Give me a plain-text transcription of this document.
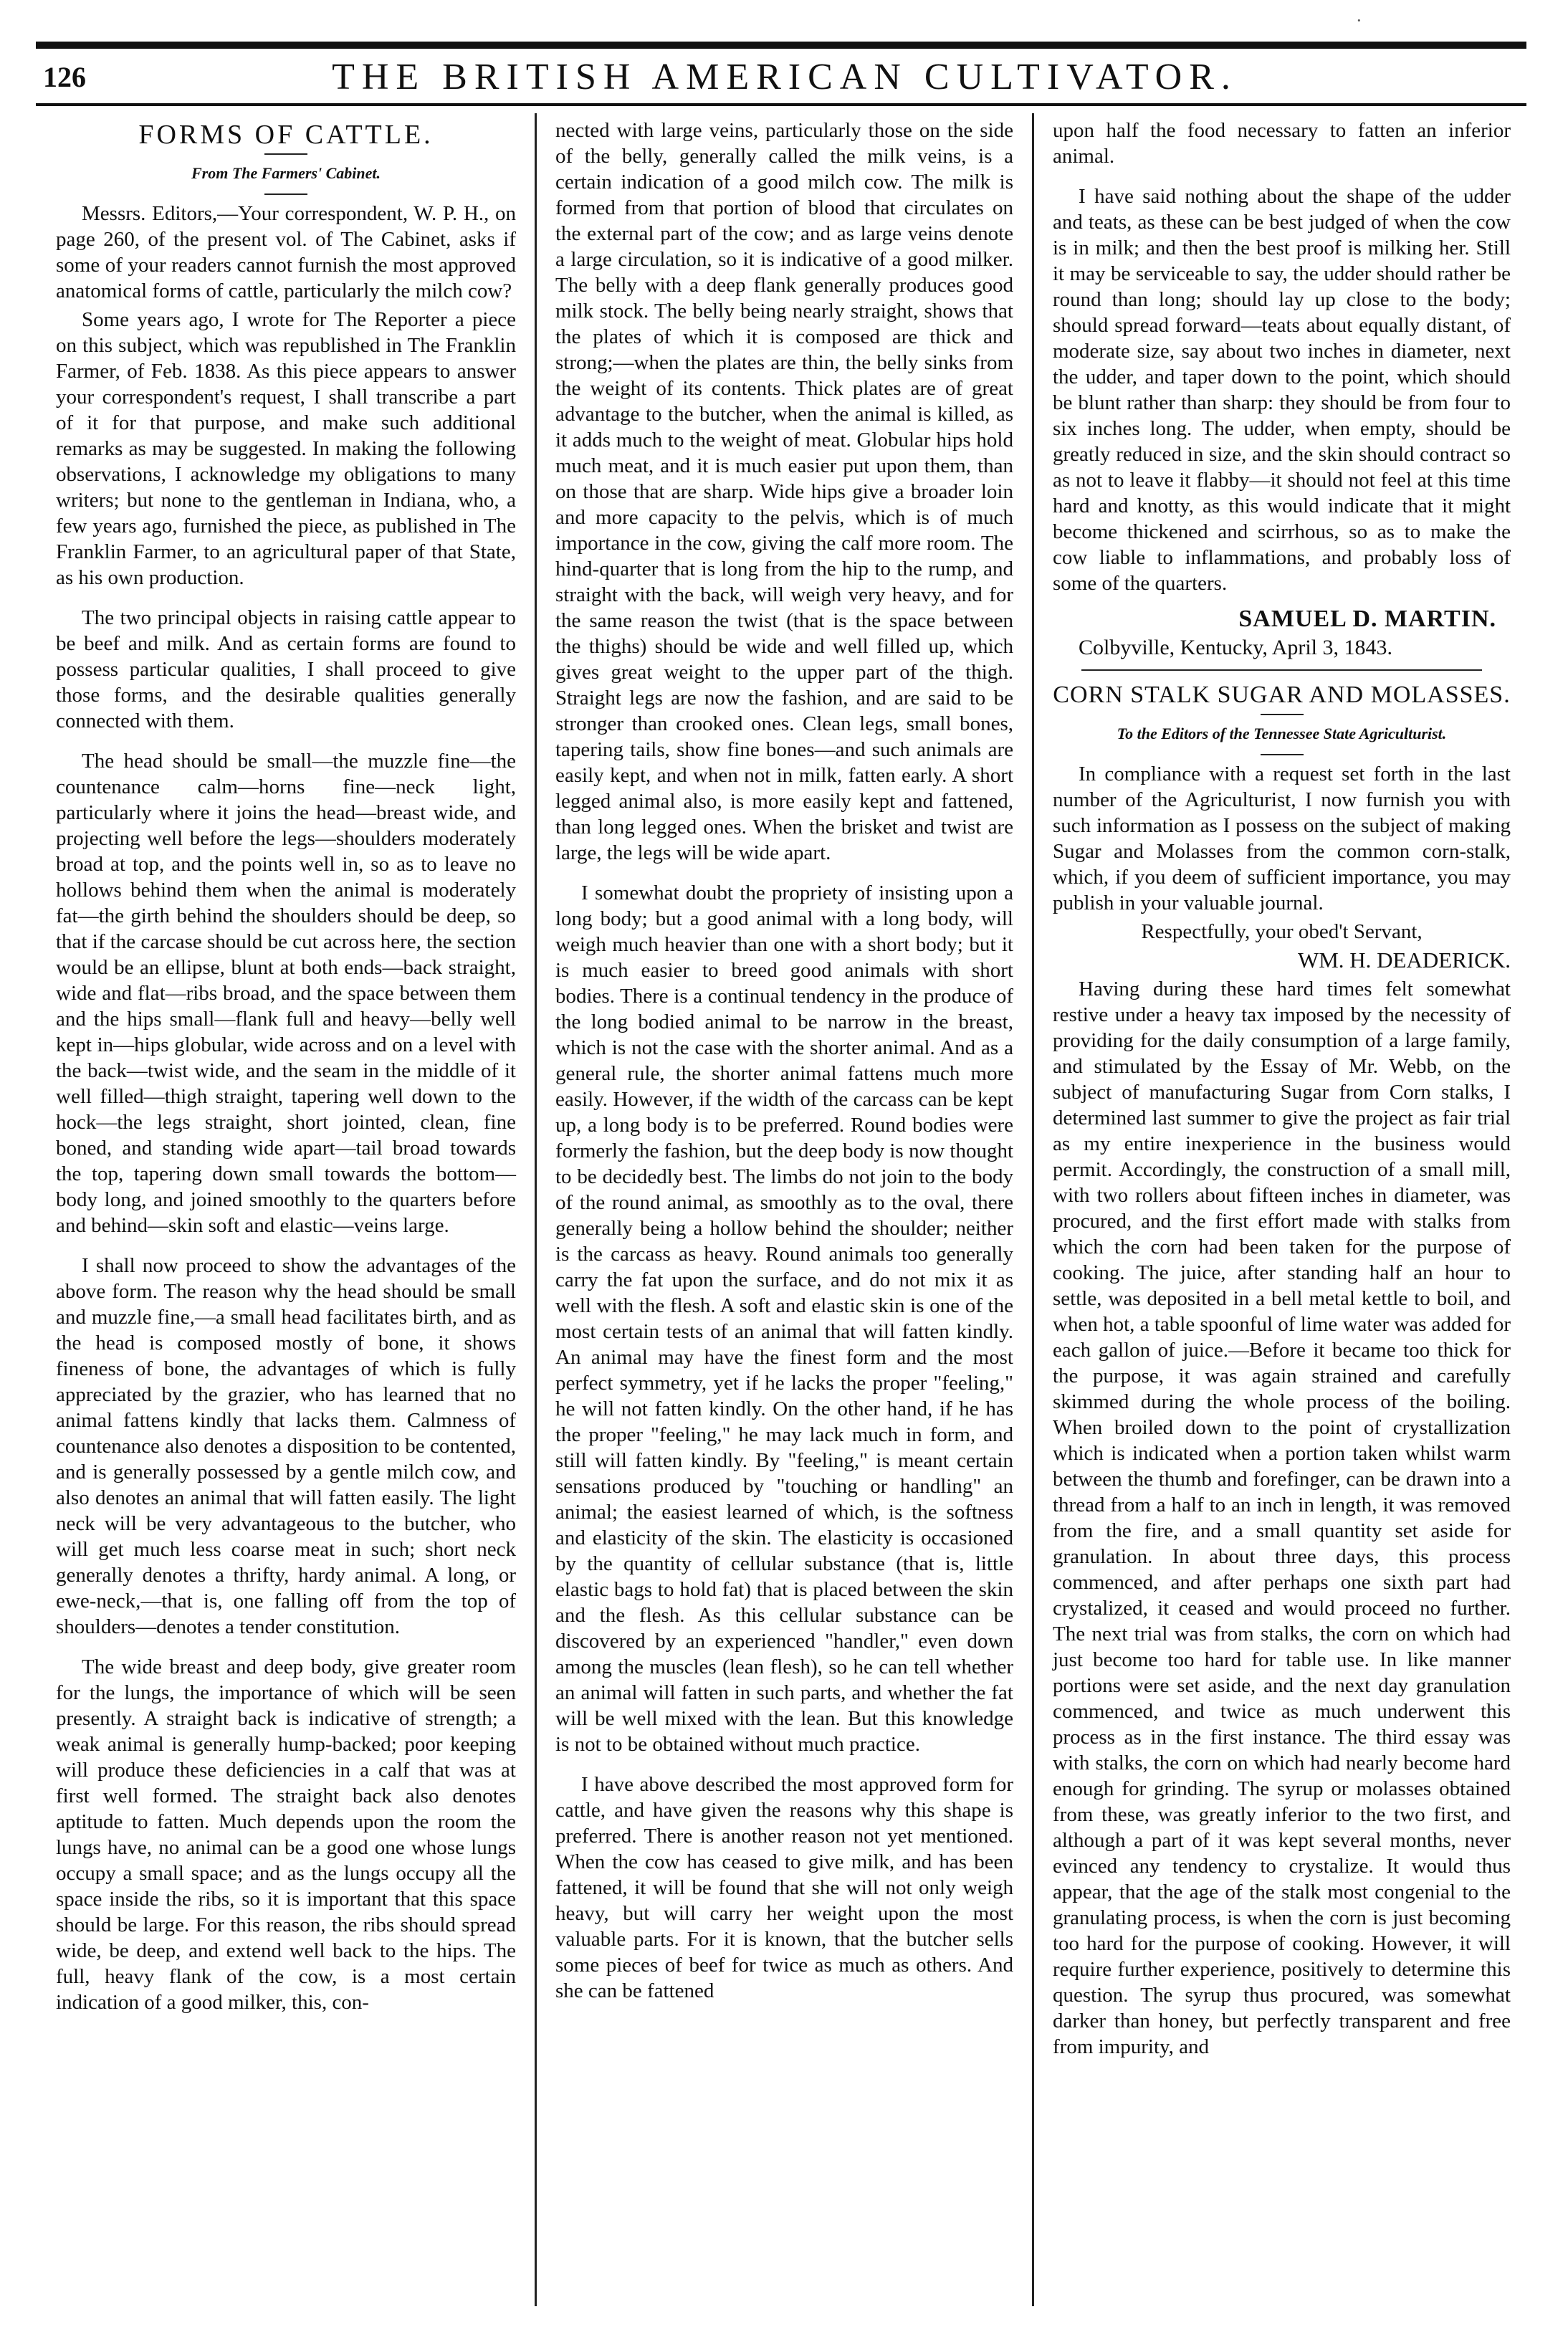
·
126	THE BRITISH AMERICAN CULTIVATOR.
FORMS OF CATTLE.
From The Farmers' Cabinet.

Messrs. Editors,—Your correspondent, W. P. H., on page 260, of the present vol. of The Cabinet, asks if some of your readers cannot furnish the most approved anatomical forms of cattle, particularly the milch cow?

Some years ago, I wrote for The Reporter a piece on this subject, which was republished in The Franklin Farmer, of Feb. 1838. As this piece appears to answer your correspondent's request, I shall transcribe a part of it for that purpose, and make such additional remarks as may be suggested. In making the following observations, I acknowledge my obligations to many writers; but none to the gentleman in Indiana, who, a few years ago, furnished the piece, as published in The Franklin Farmer, to an agricultural paper of that State, as his own production.

The two principal objects in raising cattle appear to be beef and milk. And as certain forms are found to possess particular qualities, I shall proceed to give those forms, and the desirable qualities generally connected with them.

The head should be small—the muzzle fine—the countenance calm—horns fine—neck light, particularly where it joins the head—breast wide, and projecting well before the legs—shoulders moderately broad at top, and the points well in, so as to leave no hollows behind them when the animal is moderately fat—the girth behind the shoulders should be deep, so that if the carcase should be cut across here, the section would be an ellipse, blunt at both ends—back straight, wide and flat—ribs broad, and the space between them and the hips small—flank full and heavy—belly well kept in—hips globular, wide across and on a level with the back—twist wide, and the seam in the middle of it well filled—thigh straight, tapering well down to the hock—the legs straight, short jointed, clean, fine boned, and standing wide apart—tail broad towards the top, tapering down small towards the bottom—body long, and joined smoothly to the quarters before and behind—skin soft and elastic—veins large.

I shall now proceed to show the advantages of the above form. The reason why the head should be small and muzzle fine,—a small head facilitates birth, and as the head is composed mostly of bone, it shows fineness of bone, the advantages of which is fully appreciated by the grazier, who has learned that no animal fattens kindly that lacks them. Calmness of countenance also denotes a disposition to be contented, and is generally possessed by a gentle milch cow, and also denotes an animal that will fatten easily. The light neck will be very advantageous to the butcher, who will get much less coarse meat in such; short neck generally denotes a thrifty, hardy animal. A long, or ewe-neck,—that is, one falling off from the top of shoulders—denotes a tender constitution.

The wide breast and deep body, give greater room for the lungs, the importance of which will be seen presently. A straight back is indicative of strength; a weak animal is generally hump-backed; poor keeping will produce these deficiencies in a calf that was at first well formed. The straight back also denotes aptitude to fatten. Much depends upon the room the lungs have, no animal can be a good one whose lungs occupy a small space; and as the lungs occupy all the space inside the ribs, so it is important that this space should be large. For this reason, the ribs should spread wide, be deep, and extend well back to the hips. The full, heavy flank of the cow, is a most certain indication of a good milker, this, con-

nected with large veins, particularly those on the side of the belly, generally called the milk veins, is a certain indication of a good milch cow. The milk is formed from that portion of blood that circulates on the external part of the cow; and as large veins denote a large circulation, so it is indicative of a good milker. The belly with a deep flank generally produces good milk stock. The belly being nearly straight, shows that the plates of which it is composed are thick and strong;—when the plates are thin, the belly sinks from the weight of its contents. Thick plates are of great advantage to the butcher, when the animal is killed, as it adds much to the weight of meat. Globular hips hold much meat, and it is much easier put upon them, than on those that are sharp. Wide hips give a broader loin and more capacity to the pelvis, which is of much importance in the cow, giving the calf more room. The hind-quarter that is long from the hip to the rump, and straight with the back, will weigh very heavy, and for the same reason the twist (that is the space between the thighs) should be wide and well filled up, which gives great weight to the upper part of the thigh. Straight legs are now the fashion, and are said to be stronger than crooked ones. Clean legs, small bones, tapering tails, show fine bones—and such animals are easily kept, and when not in milk, fatten early. A short legged animal also, is more easily kept and fattened, than long legged ones. When the brisket and twist are large, the legs will be wide apart.

I somewhat doubt the propriety of insisting upon a long body; but a good animal with a long body, will weigh much heavier than one with a short body; but it is much easier to breed good animals with short bodies. There is a continual tendency in the produce of the long bodied animal to be narrow in the breast, which is not the case with the shorter animal. And as a general rule, the shorter animal fattens much more easily. However, if the width of the carcass can be kept up, a long body is to be preferred. Round bodies were formerly the fashion, but the deep body is now thought to be decidedly best. The limbs do not join to the body of the round animal, as smoothly as to the oval, there generally being a hollow behind the shoulder; neither is the carcass as heavy. Round animals too generally carry the fat upon the surface, and do not mix it as well with the flesh. A soft and elastic skin is one of the most certain tests of an animal that will fatten kindly. An animal may have the finest form and the most perfect symmetry, yet if he lacks the proper "feeling," he will not fatten kindly. On the other hand, if he has the proper "feeling," he may lack much in form, and still will fatten kindly. By "feeling," is meant certain sensations produced by "touching or handling" an animal; the easiest learned of which, is the softness and elasticity of the skin. The elasticity is occasioned by the quantity of cellular substance (that is, little elastic bags to hold fat) that is placed between the skin and the flesh. As this cellular substance can be discovered by an experienced "handler," even down among the muscles (lean flesh), so he can tell whether an animal will fatten in such parts, and whether the fat will be well mixed with the lean. But this knowledge is not to be obtained without much practice.

I have above described the most approved form for cattle, and have given the reasons why this shape is preferred. There is another reason not yet mentioned. When the cow has ceased to give milk, and has been fattened, it will be found that she will not only weigh heavy, but will carry her weight upon the most valuable parts. For it is known, that the butcher sells some pieces of beef for twice as much as others. And she can be fattened

upon half the food necessary to fatten an inferior animal.

I have said nothing about the shape of the udder and teats, as these can be best judged of when the cow is in milk; and then the best proof is milking her. Still it may be serviceable to say, the udder should rather be round than long; should lay up close to the body; should spread forward—teats about equally distant, of moderate size, say about two inches in diameter, next the udder, and taper down to the point, which should be blunt rather than sharp: they should be from four to six inches long. The udder, when empty, should be greatly reduced in size, and the skin should contract so as not to leave it flabby—it should not feel at this time hard and knotty, as this would indicate that it might become thickened and scirrhous, so as to make the cow liable to inflammations, and probably loss of some of the quarters.

SAMUEL D. MARTIN.

Colbyville, Kentucky, April 3, 1843.

CORN STALK SUGAR AND MOLASSES.
To the Editors of the Tennessee State Agriculturist.

In compliance with a request set forth in the last number of the Agriculturist, I now furnish you with such information as I possess on the subject of making Sugar and Molasses from the common corn-stalk, which, if you deem of sufficient importance, you may publish in your valuable journal.

Respectfully, your obed't Servant,

WM. H. DEADERICK.

Having during these hard times felt somewhat restive under a heavy tax imposed by the necessity of providing for the daily consumption of a large family, and stimulated by the Essay of Mr. Webb, on the subject of manufacturing Sugar from Corn stalks, I determined last summer to give the project as fair trial as my entire inexperience in the business would permit. Accordingly, the construction of a small mill, with two rollers about fifteen inches in diameter, was procured, and the first effort made with stalks from which the corn had been taken for the purpose of cooking. The juice, after standing half an hour to settle, was deposited in a bell metal kettle to boil, and when hot, a table spoonful of lime water was added for each gallon of juice.—Before it became too thick for the purpose, it was again strained and carefully skimmed during the whole process of the boiling. When broiled down to the point of crystallization which is indicated when a portion taken whilst warm between the thumb and forefinger, can be drawn into a thread from a half to an inch in length, it was removed from the fire, and a small quantity set aside for granulation. In about three days, this process commenced, and after perhaps one sixth part had crystalized, it ceased and would proceed no further. The next trial was from stalks, the corn on which had just become too hard for table use. In like manner portions were set aside, and the next day granulation commenced, and twice as much underwent this process as in the first instance. The third essay was with stalks, the corn on which had nearly become hard enough for grinding. The syrup or molasses obtained from these, was greatly inferior to the two first, and although a part of it was kept several months, never evinced any tendency to crystalize. It would thus appear, that the age of the stalk most congenial to the granulating process, is when the corn is just becoming too hard for the purpose of cooking. However, it will require further experience, positively to determine this question. The syrup thus procured, was somewhat darker than honey, but perfectly transparent and free from impurity, and
